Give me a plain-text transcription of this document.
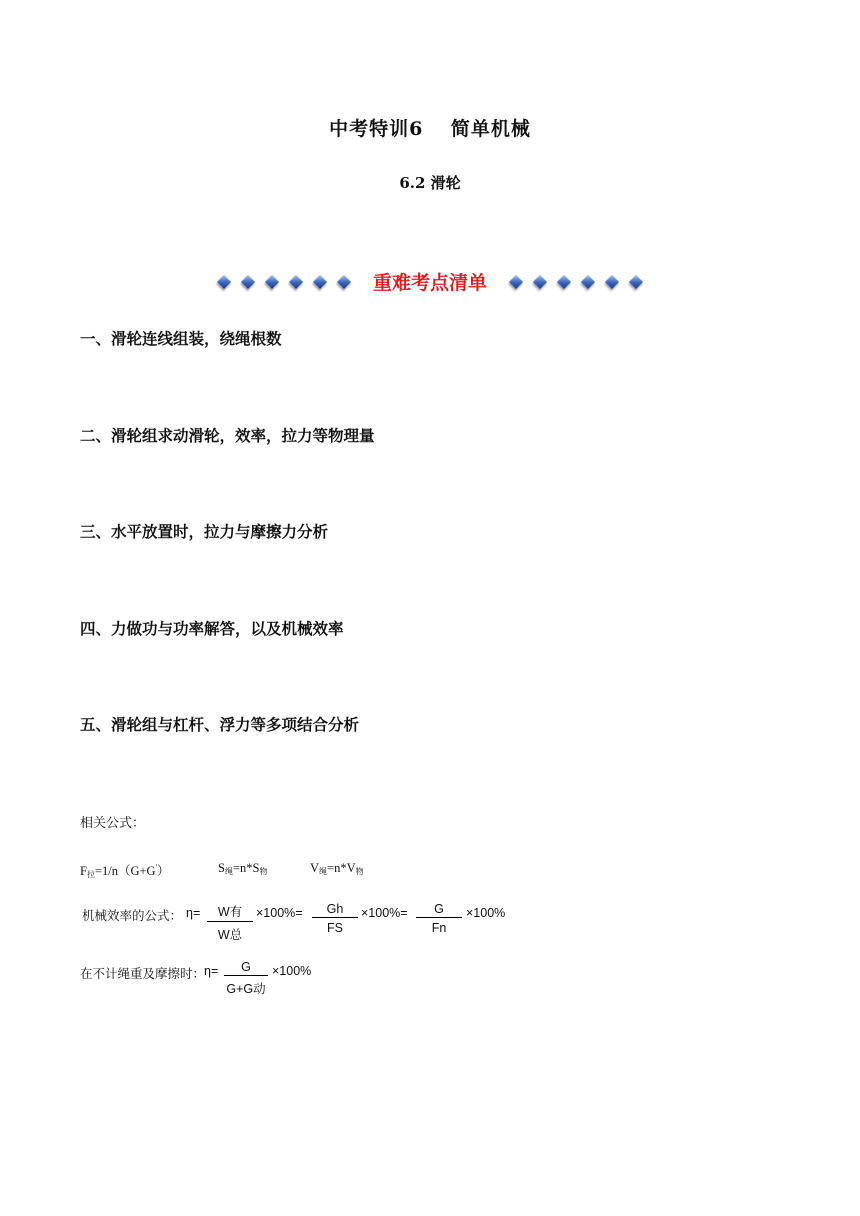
中考特训6　 简单机械
6.2 滑轮
重难考点清单
一、滑轮连线组装，绕绳根数
二、滑轮组求动滑轮，效率，拉力等物理量
三、水平放置时，拉力与摩擦力分析
四、力做功与功率解答，以及机械效率
五、滑轮组与杠杆、浮力等多项结合分析
相关公式：
$F_拉=1/n(G+G')$	$S_绳=n*S_物$	$V_绳=n*V_物$
机械效率的公式： η=	W有
W总
$\times 100\%= \frac{Gh}{FS} \times 100\%= \frac{G}{Fn} \times 100\%$
在不计绳重及摩擦时：
η=	G
G+G动
×100%
